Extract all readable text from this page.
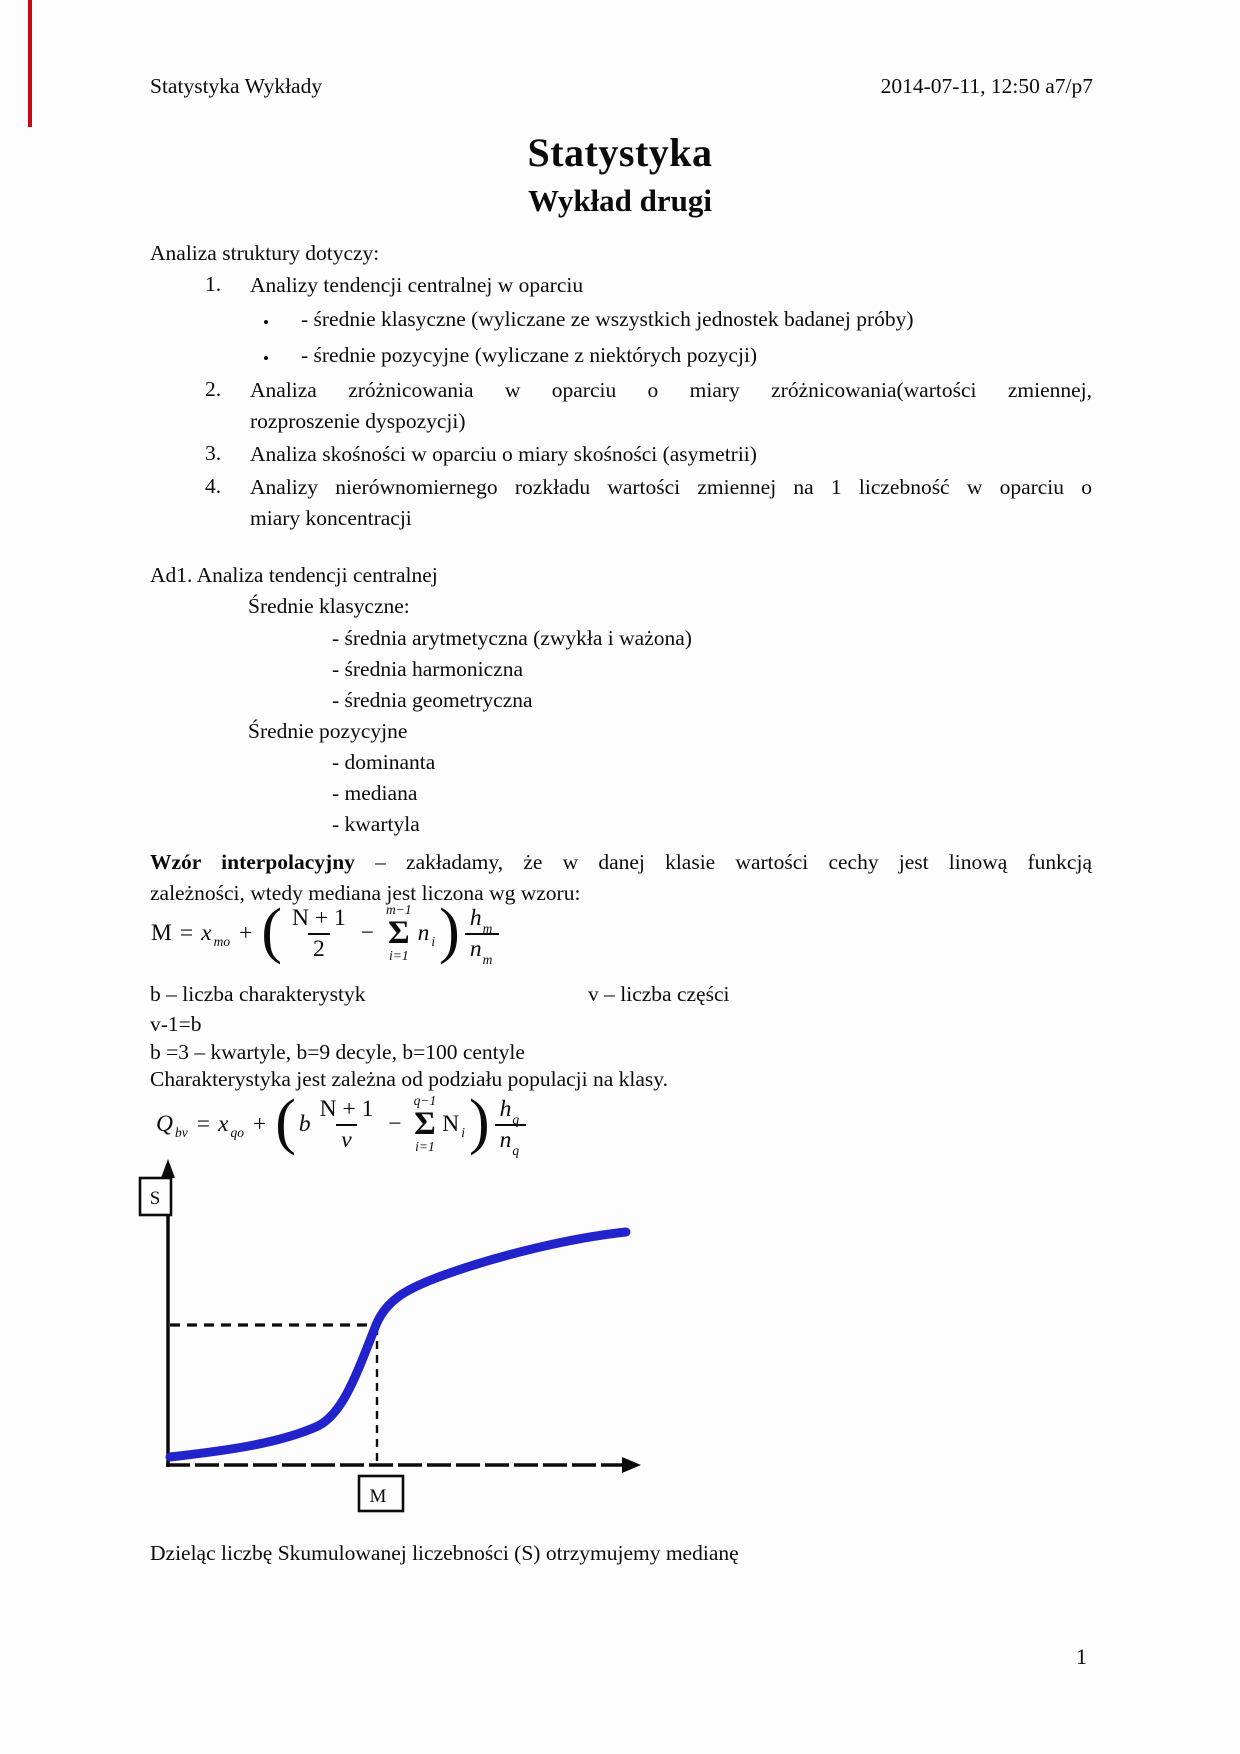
Statystyka Wykłady	2014-07-11, 12:50 a7/p7
Statystyka
Wykład drugi
Analiza struktury dotyczy:
1. Analizy tendencji centralnej w oparciu
• - średnie klasyczne (wyliczane ze wszystkich jednostek badanej próby)
• - średnie pozycyjne (wyliczane z niektórych pozycji)
2. Analiza zróżnicowania w oparciu o miary zróżnicowania(wartości zmiennej,
rozproszenie dyspozycji)
3. Analiza skośności w oparciu o miary skośności (asymetrii)
4. Analizy nierównomiernego rozkładu wartości zmiennej na 1 liczebność w oparciu o
miary koncentracji
Ad1. Analiza tendencji centralnej
Średnie klasyczne:
- średnia arytmetyczna (zwykła i ważona)
- średnia harmoniczna
- średnia geometryczna
Średnie pozycyjne
- dominanta
- mediana
- kwartyla
Wzór interpolacyjny – zakładamy, że w danej klasie wartości cechy jest linową funkcją
zależności, wtedy mediana jest liczona wg wzoru:
M = x mo + ( $\frac{N + 1}{2}$ −
m−1
Σ
i=1
n i ) $\frac{h_m}{n_m}$
b – liczba charakterystyk	v – liczba części
v-1=b
b =3 – kwartyle, b=9 decyle, b=100 centyle
Charakterystyka jest zależna od podziału populacji na klasy.
Q bv = x qo + ( b $\frac{N + 1}{v}$ −
q−1
Σ
i=1
N i ) $\frac{h_q}{n_q}$
S
M
Dzieląc liczbę Skumulowanej liczebności (S) otrzymujemy medianę
1
